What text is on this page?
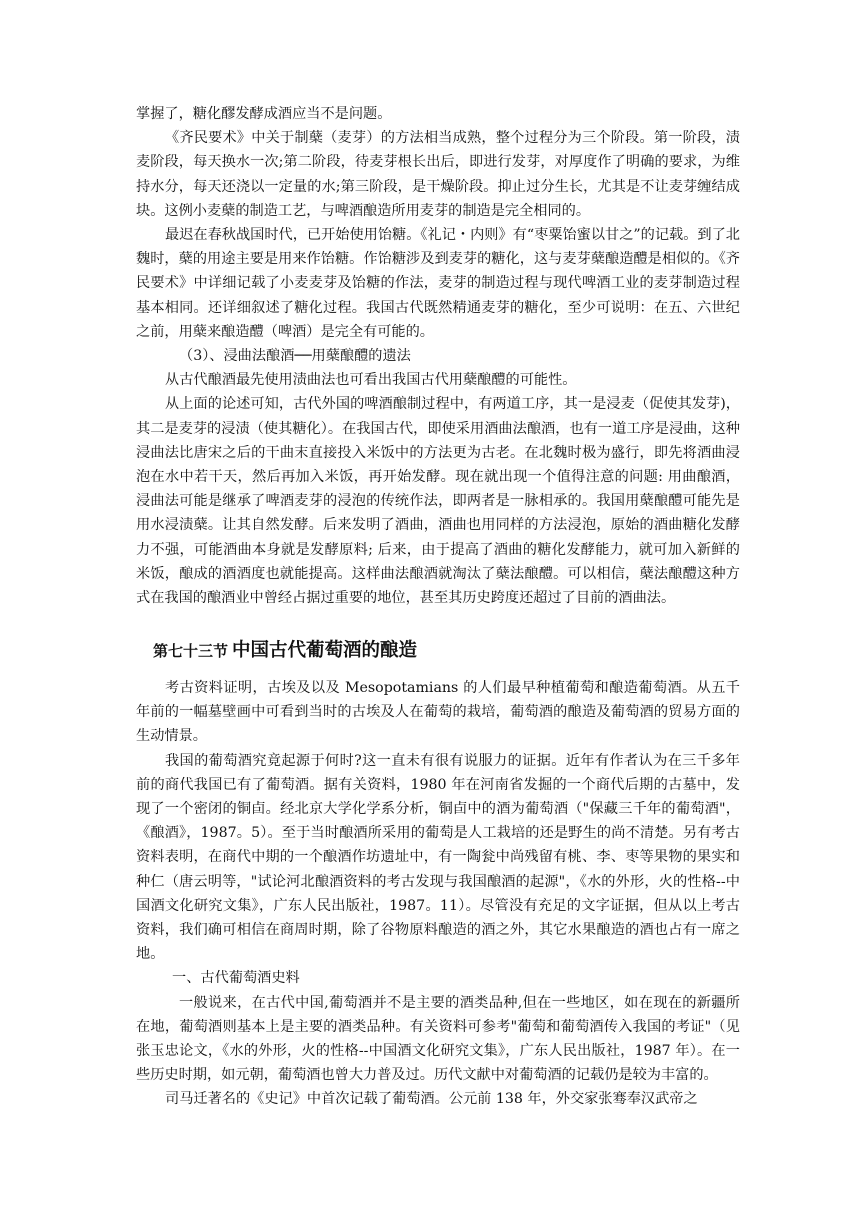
掌握了，糖化醪发酵成酒应当不是问题。

《齐民要术》中关于制蘖（麦芽）的方法相当成熟，整个过程分为三个阶段。第一阶段，渍麦阶段，每天换水一次;第二阶段，待麦芽根长出后，即进行发芽，对厚度作了明确的要求，为维持水分，每天还浇以一定量的水;第三阶段，是干燥阶段。抑止过分生长，尤其是不让麦芽缠结成块。这例小麦蘖的制造工艺，与啤酒酿造所用麦芽的制造是完全相同的。

最迟在春秋战国时代，已开始使用饴糖。《礼记・内则》有“枣粟饴蜜以甘之”的记载。到了北魏时，蘖的用途主要是用来作饴糖。作饴糖涉及到麦芽的糖化，这与麦芽蘖酿造醴是相似的。《齐民要术》中详细记载了小麦麦芽及饴糖的作法，麦芽的制造过程与现代啤酒工业的麦芽制造过程基本相同。还详细叙述了糖化过程。我国古代既然精通麦芽的糖化，至少可说明：在五、六世纪之前，用蘖来酿造醴（啤酒）是完全有可能的。

（3）、浸曲法酿酒──用蘖酿醴的遗法

从古代酿酒最先使用渍曲法也可看出我国古代用蘖酿醴的可能性。

从上面的论述可知，古代外国的啤酒酿制过程中，有两道工序，其一是浸麦（促使其发芽)，其二是麦芽的浸渍（使其糖化）。在我国古代，即使采用酒曲法酿酒，也有一道工序是浸曲，这种浸曲法比唐宋之后的干曲末直接投入米饭中的方法更为古老。在北魏时极为盛行，即先将酒曲浸泡在水中若干天，然后再加入米饭，再开始发酵。现在就出现一个值得注意的问题: 用曲酿酒，浸曲法可能是继承了啤酒麦芽的浸泡的传统作法，即两者是一脉相承的。我国用蘖酿醴可能先是用水浸渍蘖。让其自然发酵。后来发明了酒曲，酒曲也用同样的方法浸泡，原始的酒曲糖化发酵力不强，可能酒曲本身就是发酵原料; 后来，由于提高了酒曲的糖化发酵能力，就可加入新鲜的米饭，酿成的酒酒度也就能提高。这样曲法酿酒就淘汰了蘖法酿醴。可以相信，蘖法酿醴这种方式在我国的酿酒业中曾经占据过重要的地位，甚至其历史跨度还超过了目前的酒曲法。

第七十三节 中国古代葡萄酒的酿造

考古资料证明，古埃及以及 Mesopotamians 的人们最早种植葡萄和酿造葡萄酒。从五千年前的一幅墓壁画中可看到当时的古埃及人在葡萄的栽培，葡萄酒的酿造及葡萄酒的贸易方面的生动情景。

我国的葡萄酒究竟起源于何时?这一直未有很有说服力的证据。近年有作者认为在三千多年前的商代我国已有了葡萄酒。据有关资料，1980 年在河南省发掘的一个商代后期的古墓中，发现了一个密闭的铜卣。经北京大学化学系分析，铜卣中的酒为葡萄酒（"保藏三千年的葡萄酒"，《酿酒》，1987。5）。至于当时酿酒所采用的葡萄是人工栽培的还是野生的尚不清楚。另有考古资料表明，在商代中期的一个酿酒作坊遗址中，有一陶瓮中尚残留有桃、李、枣等果物的果实和种仁（唐云明等，"试论河北酿酒资料的考古发现与我国酿酒的起源"，《水的外形，火的性格--中国酒文化研究文集》，广东人民出版社，1987。11）。尽管没有充足的文字证据，但从以上考古资料，我们确可相信在商周时期，除了谷物原料酿造的酒之外，其它水果酿造的酒也占有一席之地。

一、古代葡萄酒史料

一般说来，在古代中国,葡萄酒并不是主要的酒类品种,但在一些地区，如在现在的新疆所在地，葡萄酒则基本上是主要的酒类品种。有关资料可参考"葡萄和葡萄酒传入我国的考证"（见张玉忠论文，《水的外形，火的性格--中国酒文化研究文集》，广东人民出版社，1987 年）。在一些历史时期，如元朝，葡萄酒也曾大力普及过。历代文献中对葡萄酒的记载仍是较为丰富的。

司马迁著名的《史记》中首次记载了葡萄酒。公元前 138 年，外交家张骞奉汉武帝之
